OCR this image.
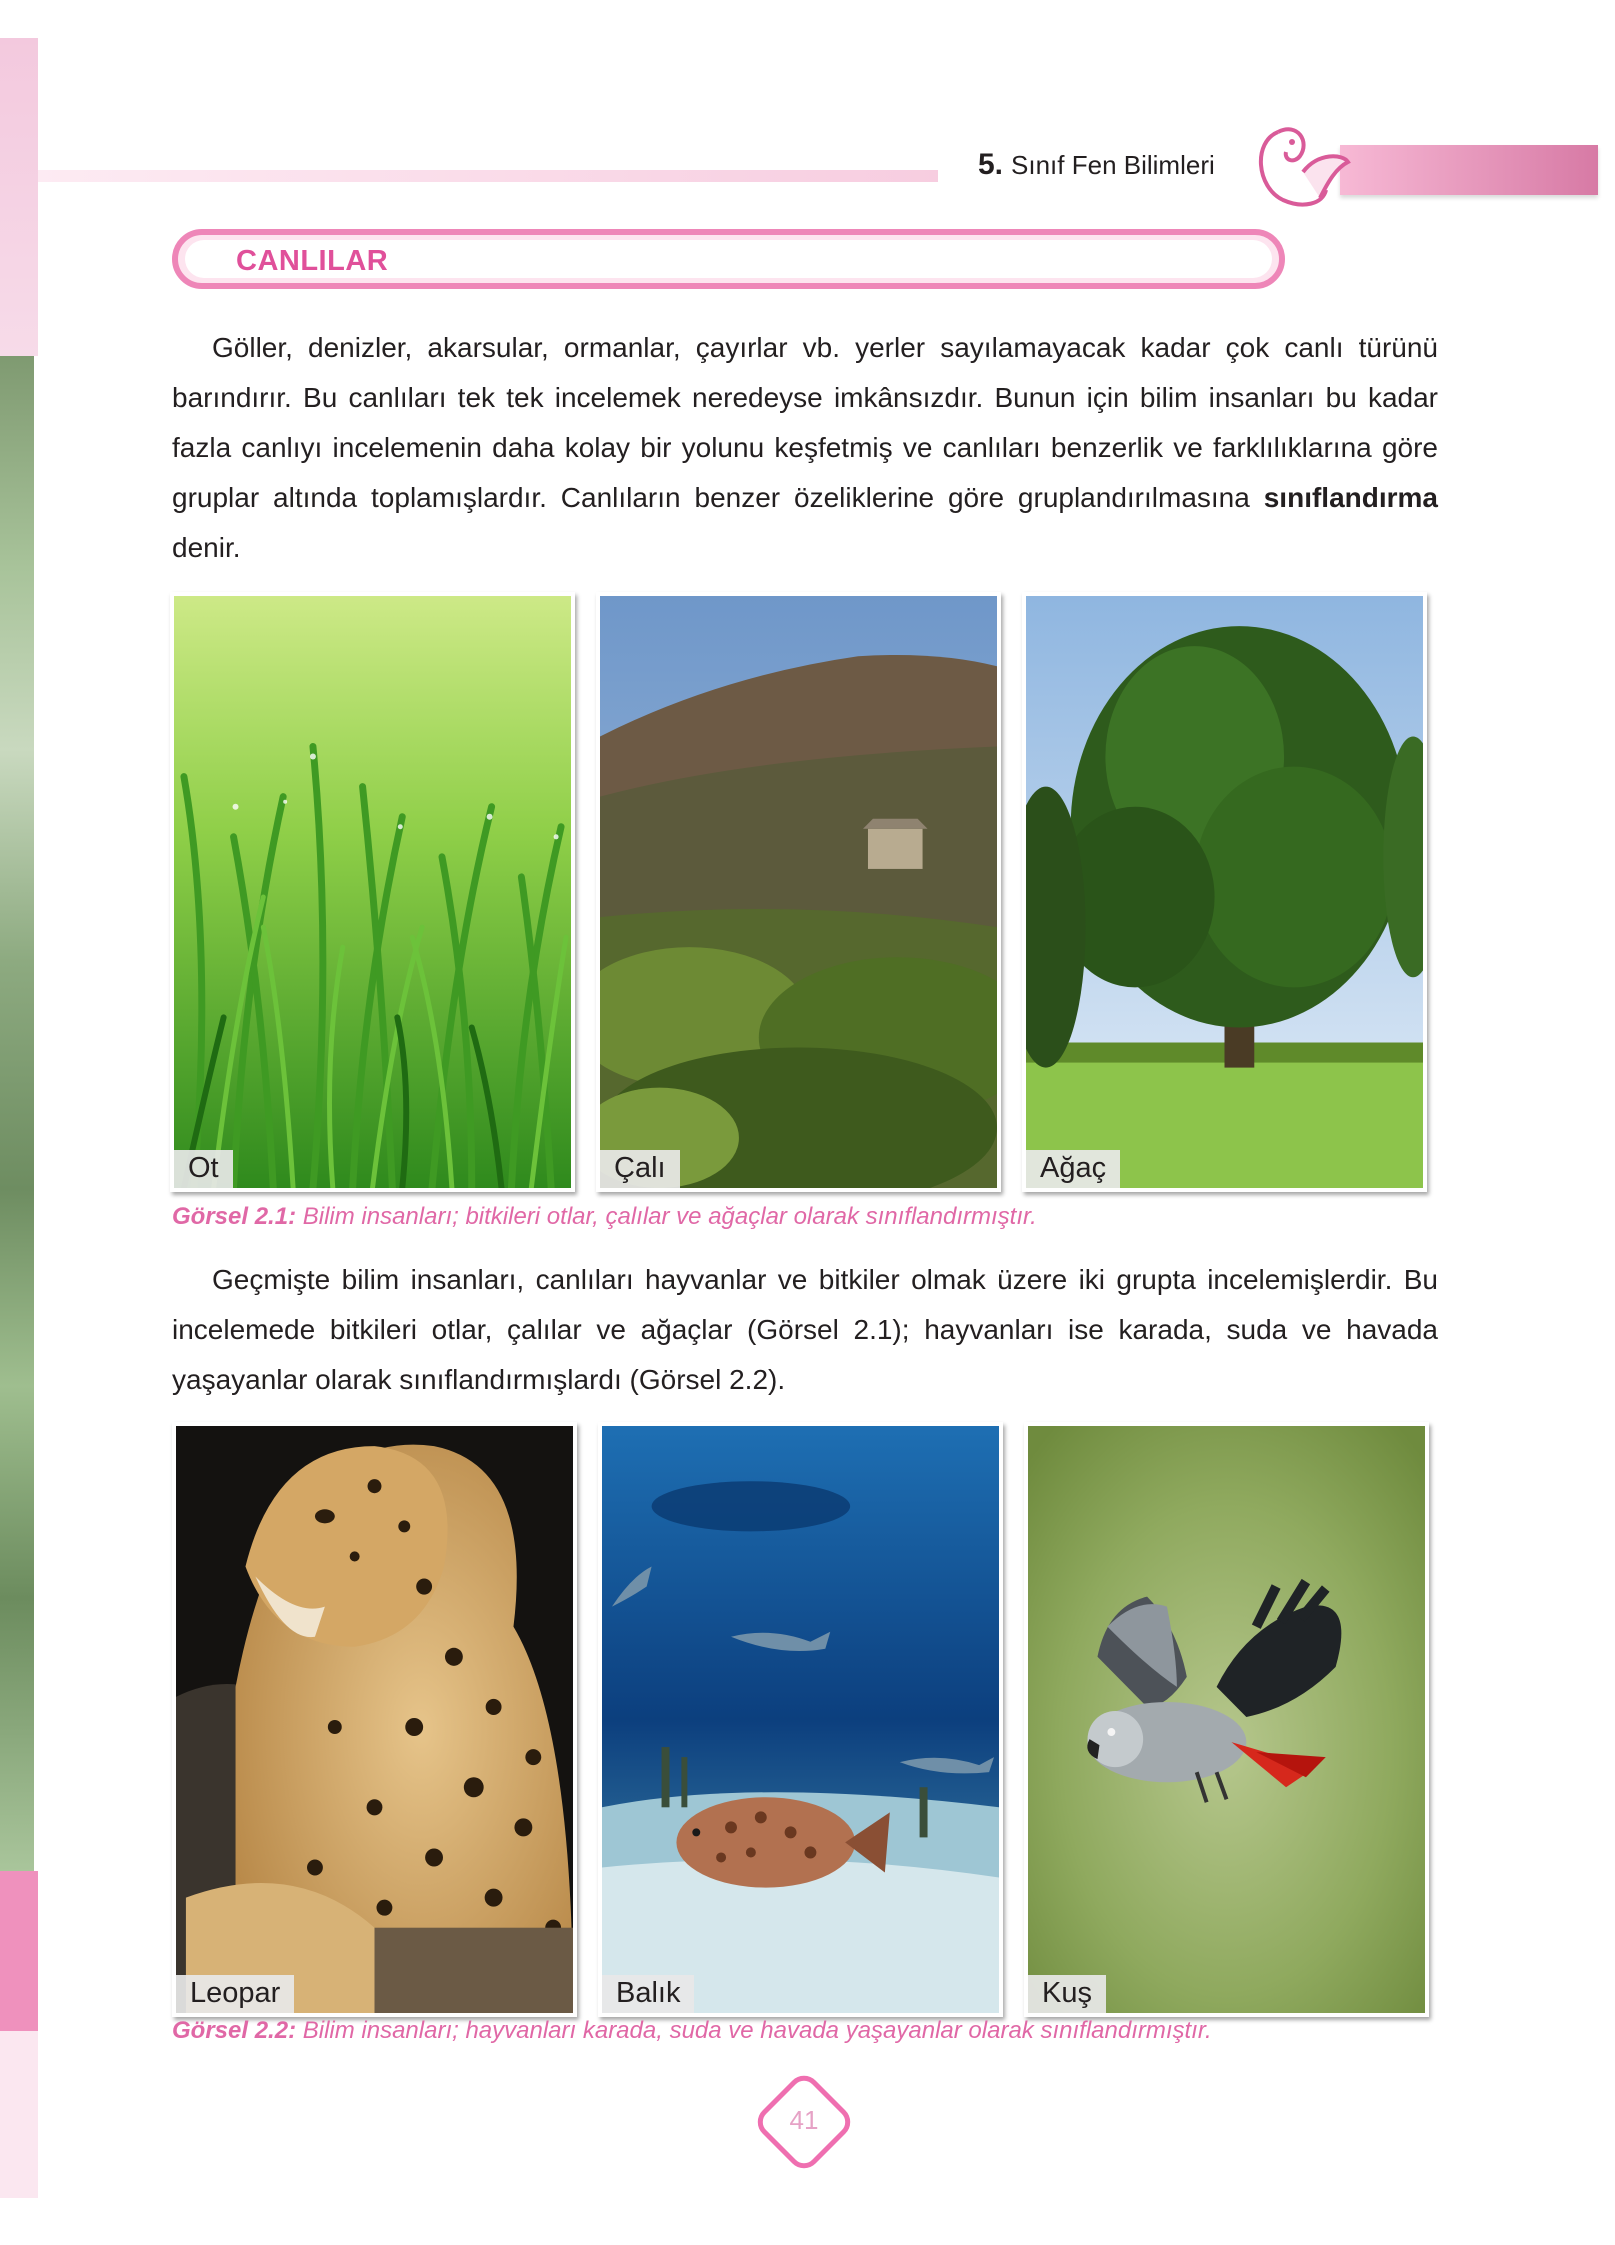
5. Sınıf Fen Bilimleri
CANLILAR

Göller, denizler, akarsular, ormanlar, çayırlar vb. yerler sayılamayacak kadar çok canlı türünü barındırır. Bu canlıları tek tek incelemek neredeyse imkânsızdır. Bunun için bilim insanları bu kadar fazla canlıyı incelemenin daha kolay bir yolunu keşfetmiş ve canlıları benzerlik ve farklılıklarına göre gruplar altında toplamışlardır. Canlıların benzer özeliklerine göre gruplandırılmasına sınıflandırma denir.

Ot	Çalı	Ağaç
Görsel 2.1: Bilim insanları; bitkileri otlar, çalılar ve ağaçlar olarak sınıflandırmıştır.

Geçmişte bilim insanları, canlıları hayvanlar ve bitkiler olmak üzere iki grupta incelemişlerdir. Bu incelemede bitkileri otlar, çalılar ve ağaçlar (Görsel 2.1); hayvanları ise karada, suda ve havada yaşayanlar olarak sınıflandırmışlardı (Görsel 2.2).

Leopar	Balık	Kuş
Görsel 2.2: Bilim insanları; hayvanları karada, suda ve havada yaşayanlar olarak sınıflandırmıştır.
41
